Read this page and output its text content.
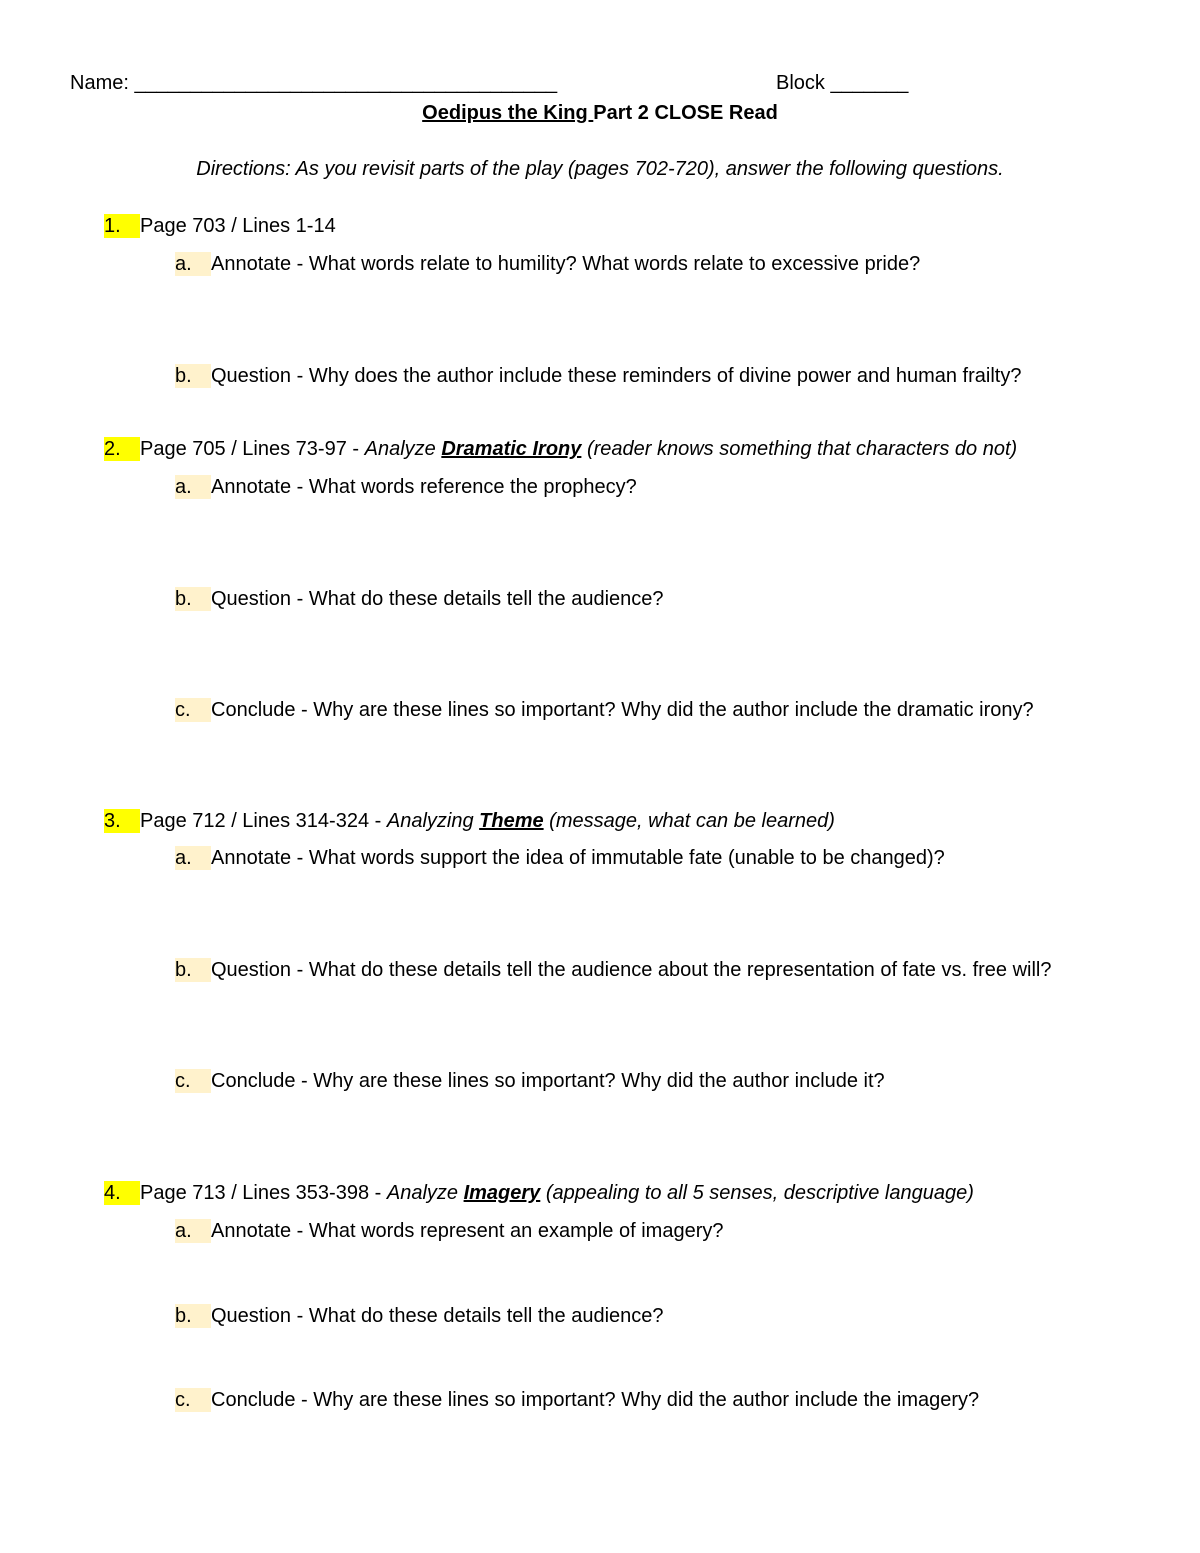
Name: ______________________________________	Block _______
Oedipus the King Part 2 CLOSE Read
Directions: As you revisit parts of the play (pages 702-720), answer the following questions.
1. Page 703 / Lines 1-14
a. Annotate - What words relate to humility? What words relate to excessive pride?
b. Question - Why does the author include these reminders of divine power and human frailty?
2. Page 705 / Lines 73-97 - Analyze Dramatic Irony (reader knows something that characters do not)
a. Annotate - What words reference the prophecy?
b. Question - What do these details tell the audience?
c. Conclude - Why are these lines so important? Why did the author include the dramatic irony?
3. Page 712 / Lines 314-324 - Analyzing Theme (message, what can be learned)
a. Annotate - What words support the idea of immutable fate (unable to be changed)?
b. Question - What do these details tell the audience about the representation of fate vs. free will?
c. Conclude - Why are these lines so important? Why did the author include it?
4. Page 713 / Lines 353-398 - Analyze Imagery (appealing to all 5 senses, descriptive language)
a. Annotate - What words represent an example of imagery?
b. Question - What do these details tell the audience?
c. Conclude - Why are these lines so important? Why did the author include the imagery?
